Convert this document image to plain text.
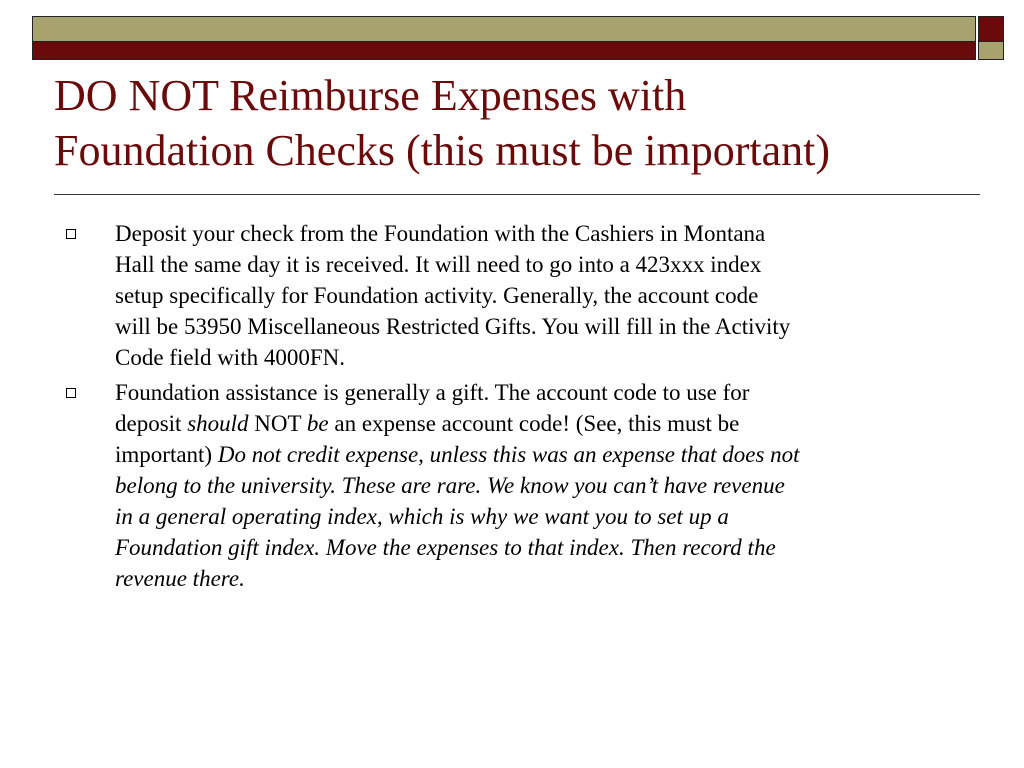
DO NOT Reimburse Expenses with
Foundation Checks (this must be important)
Deposit your check from the Foundation with the Cashiers in Montana
Hall the same day it is received. It will need to go into a 423xxx index
setup specifically for Foundation activity. Generally, the account code
will be 53950 Miscellaneous Restricted Gifts. You will fill in the Activity
Code field with 4000FN.
Foundation assistance is generally a gift. The account code to use for
deposit should NOT be an expense account code! (See, this must be
important) Do not credit expense, unless this was an expense that does not
belong to the university. These are rare. We know you can’t have revenue
in a general operating index, which is why we want you to set up a
Foundation gift index. Move the expenses to that index. Then record the
revenue there.
